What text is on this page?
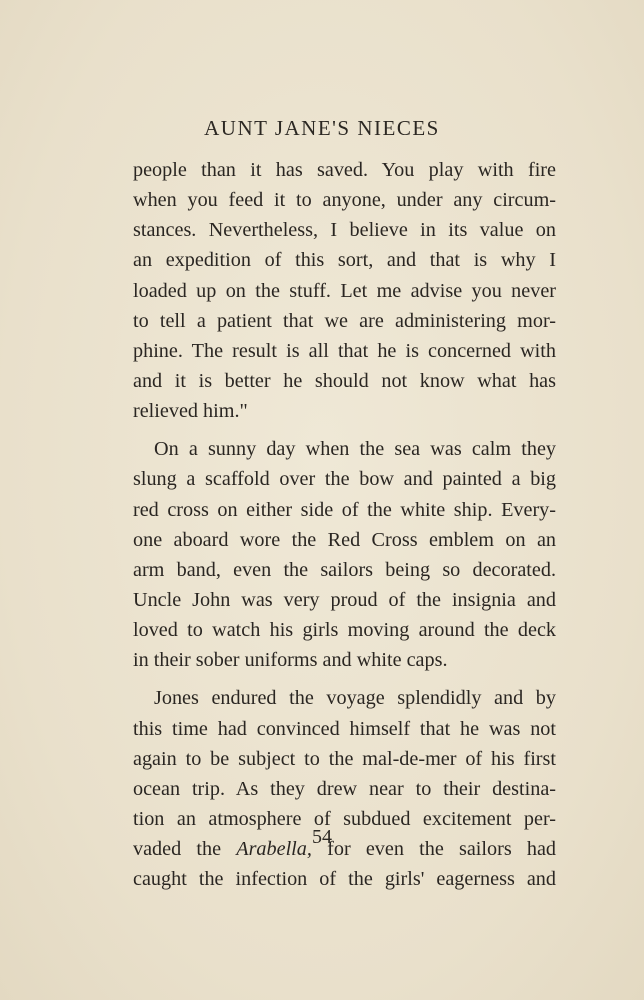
AUNT JANE'S NIECES
people than it has saved. You play with fire
when you feed it to anyone, under any circum-
stances. Nevertheless, I believe in its value on
an expedition of this sort, and that is why I
loaded up on the stuff. Let me advise you never
to tell a patient that we are administering mor-
phine. The result is all that he is concerned with
and it is better he should not know what has
relieved him."
On a sunny day when the sea was calm they
slung a scaffold over the bow and painted a big
red cross on either side of the white ship. Every-
one aboard wore the Red Cross emblem on an
arm band, even the sailors being so decorated.
Uncle John was very proud of the insignia and
loved to watch his girls moving around the deck
in their sober uniforms and white caps.
Jones endured the voyage splendidly and by
this time had convinced himself that he was not
again to be subject to the mal-de-mer of his first
ocean trip. As they drew near to their destina-
tion an atmosphere of subdued excitement per-
vaded the Arabella, for even the sailors had
caught the infection of the girls' eagerness and
54
